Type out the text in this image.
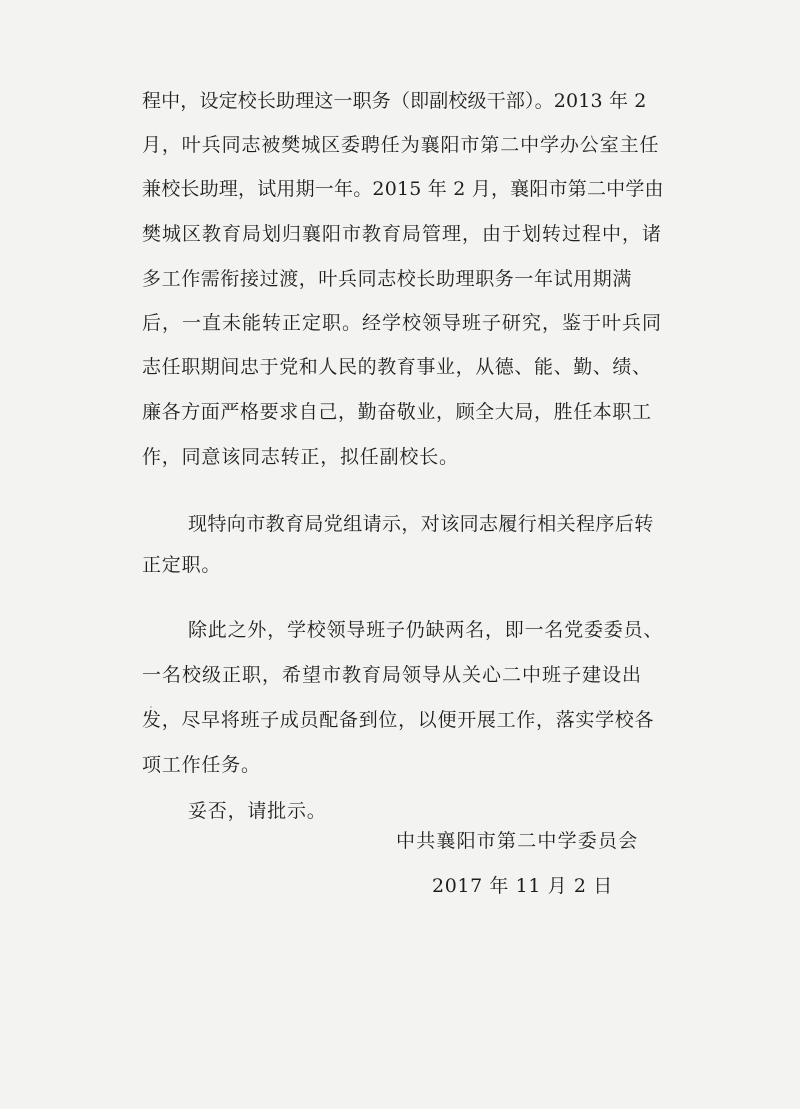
程中，设定校长助理这一职务（即副校级干部）。2013 年 2
月，叶兵同志被樊城区委聘任为襄阳市第二中学办公室主任
兼校长助理，试用期一年。2015 年 2 月，襄阳市第二中学由
樊城区教育局划归襄阳市教育局管理，由于划转过程中，诸
多工作需衔接过渡，叶兵同志校长助理职务一年试用期满
后，一直未能转正定职。经学校领导班子研究，鉴于叶兵同
志任职期间忠于党和人民的教育事业，从德、能、勤、绩、
廉各方面严格要求自己，勤奋敬业，顾全大局，胜任本职工
作，同意该同志转正，拟任副校长。
现特向市教育局党组请示，对该同志履行相关程序后转
正定职。
除此之外，学校领导班子仍缺两名，即一名党委委员、
一名校级正职，希望市教育局领导从关心二中班子建设出
发，尽早将班子成员配备到位，以便开展工作，落实学校各
项工作任务。
妥否，请批示。
中共襄阳市第二中学委员会
2017 年 11 月 2 日
